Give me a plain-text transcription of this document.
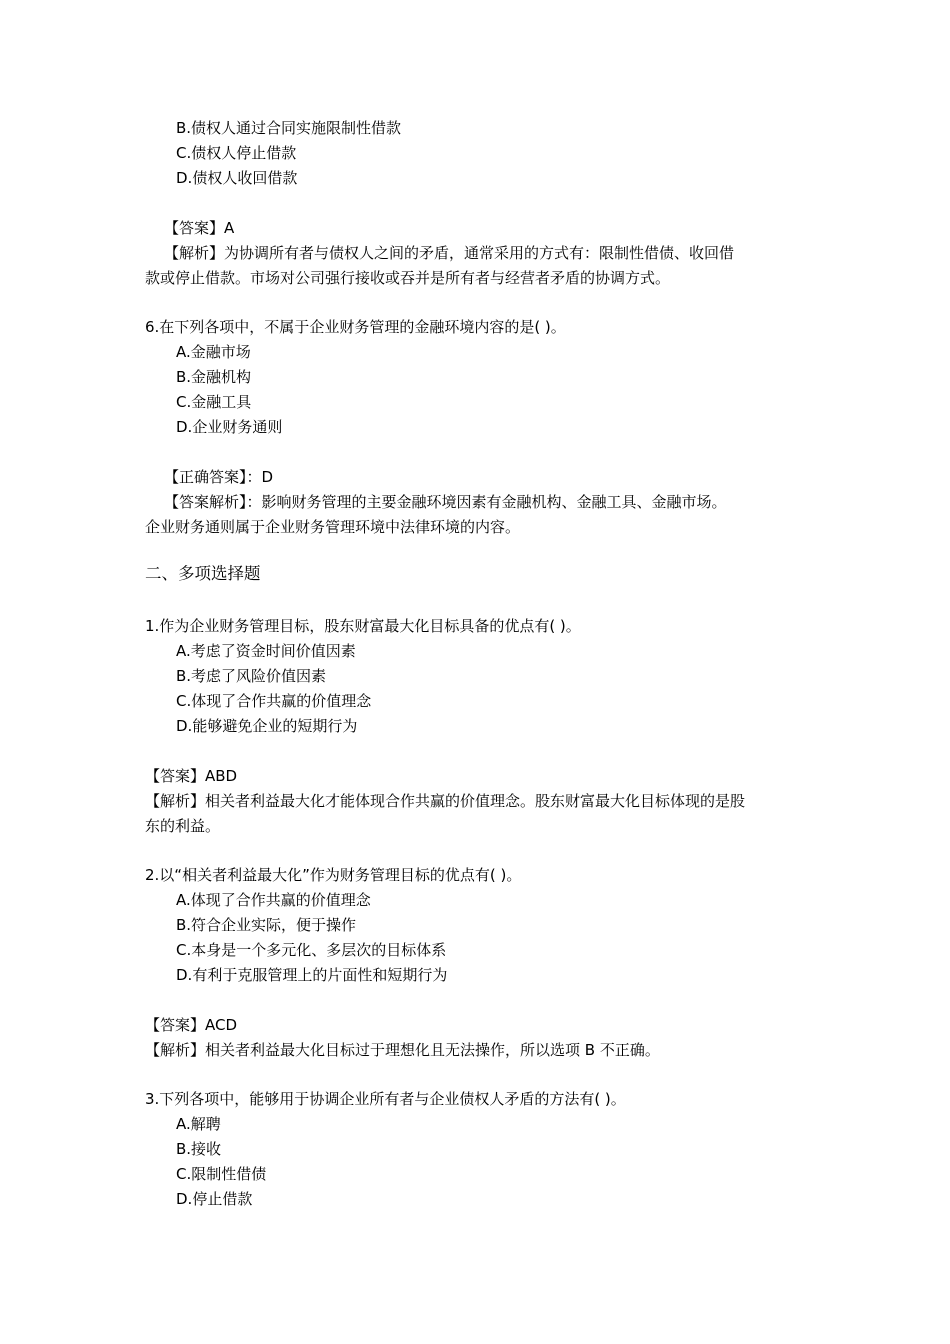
B.债权人通过合同实施限制性借款
C.债权人停止借款
D.债权人收回借款
【答案】A
【解析】为协调所有者与债权人之间的矛盾，通常采用的方式有：限制性借债、收回借
款或停止借款。市场对公司强行接收或吞并是所有者与经营者矛盾的协调方式。
6.在下列各项中，不属于企业财务管理的金融环境内容的是( )。
A.金融市场
B.金融机构
C.金融工具
D.企业财务通则
【正确答案】：D
【答案解析】：影响财务管理的主要金融环境因素有金融机构、金融工具、金融市场。
企业财务通则属于企业财务管理环境中法律环境的内容。
二、多项选择题
1.作为企业财务管理目标，股东财富最大化目标具备的优点有( )。
A.考虑了资金时间价值因素
B.考虑了风险价值因素
C.体现了合作共赢的价值理念
D.能够避免企业的短期行为
【答案】ABD
【解析】相关者利益最大化才能体现合作共赢的价值理念。股东财富最大化目标体现的是股
东的利益。
2.以“相关者利益最大化”作为财务管理目标的优点有( )。
A.体现了合作共赢的价值理念
B.符合企业实际，便于操作
C.本身是一个多元化、多层次的目标体系
D.有利于克服管理上的片面性和短期行为
【答案】ACD
【解析】相关者利益最大化目标过于理想化且无法操作，所以选项 B 不正确。
3.下列各项中，能够用于协调企业所有者与企业债权人矛盾的方法有( )。
A.解聘
B.接收
C.限制性借债
D.停止借款
